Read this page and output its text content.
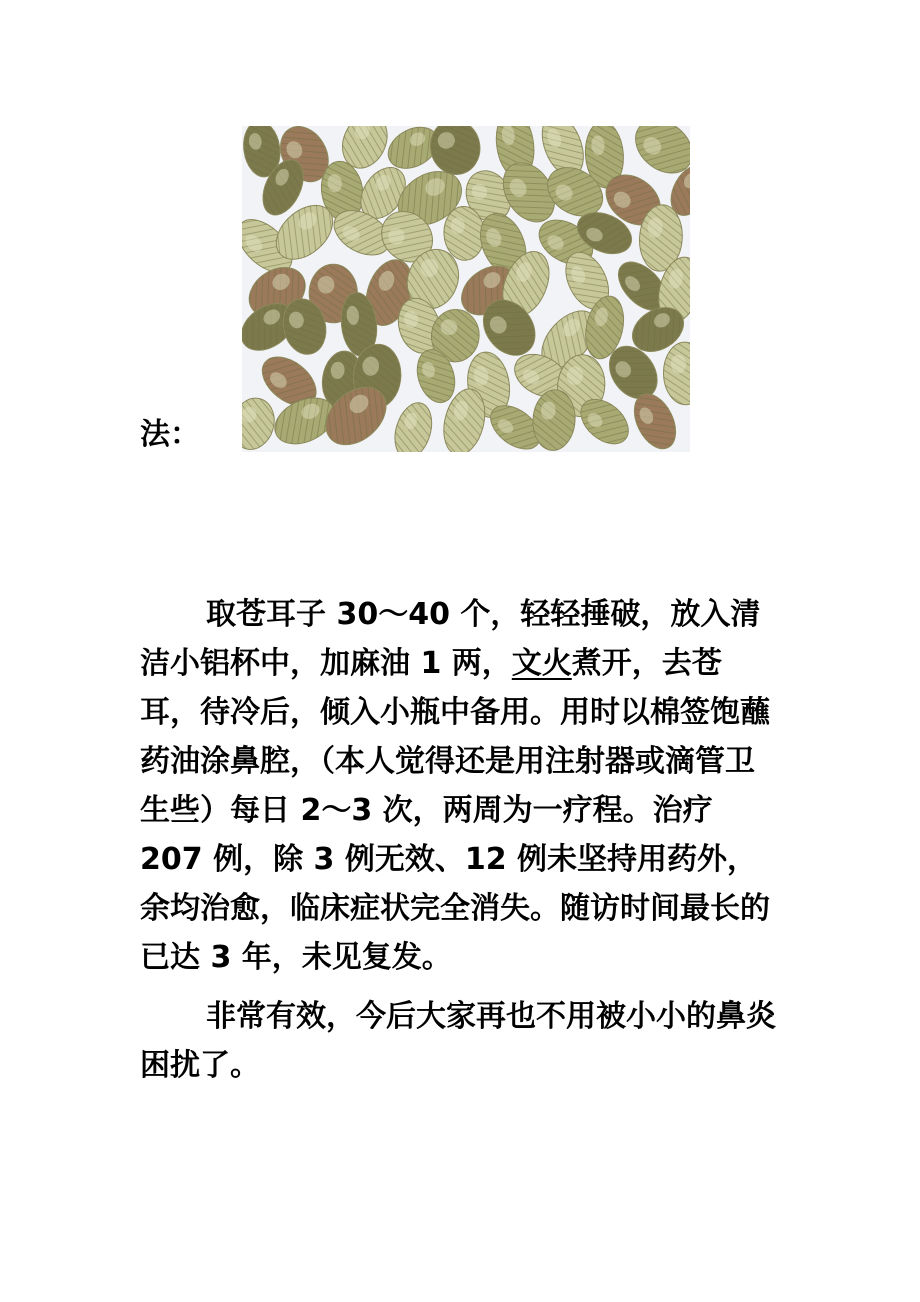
法：

取苍耳子 30～40 个，轻轻捶破，放入清洁小铝杯中，加麻油 1 两，文火煮开，去苍耳，待冷后，倾入小瓶中备用。用时以棉签饱蘸药油涂鼻腔，（本人觉得还是用注射器或滴管卫生些）每日 2～3 次，两周为一疗程。治疗 207 例，除 3 例无效、12 例未坚持用药外，余均治愈，临床症状完全消失。随访时间最长的已达 3 年，未见复发。

非常有效，今后大家再也不用被小小的鼻炎困扰了。
